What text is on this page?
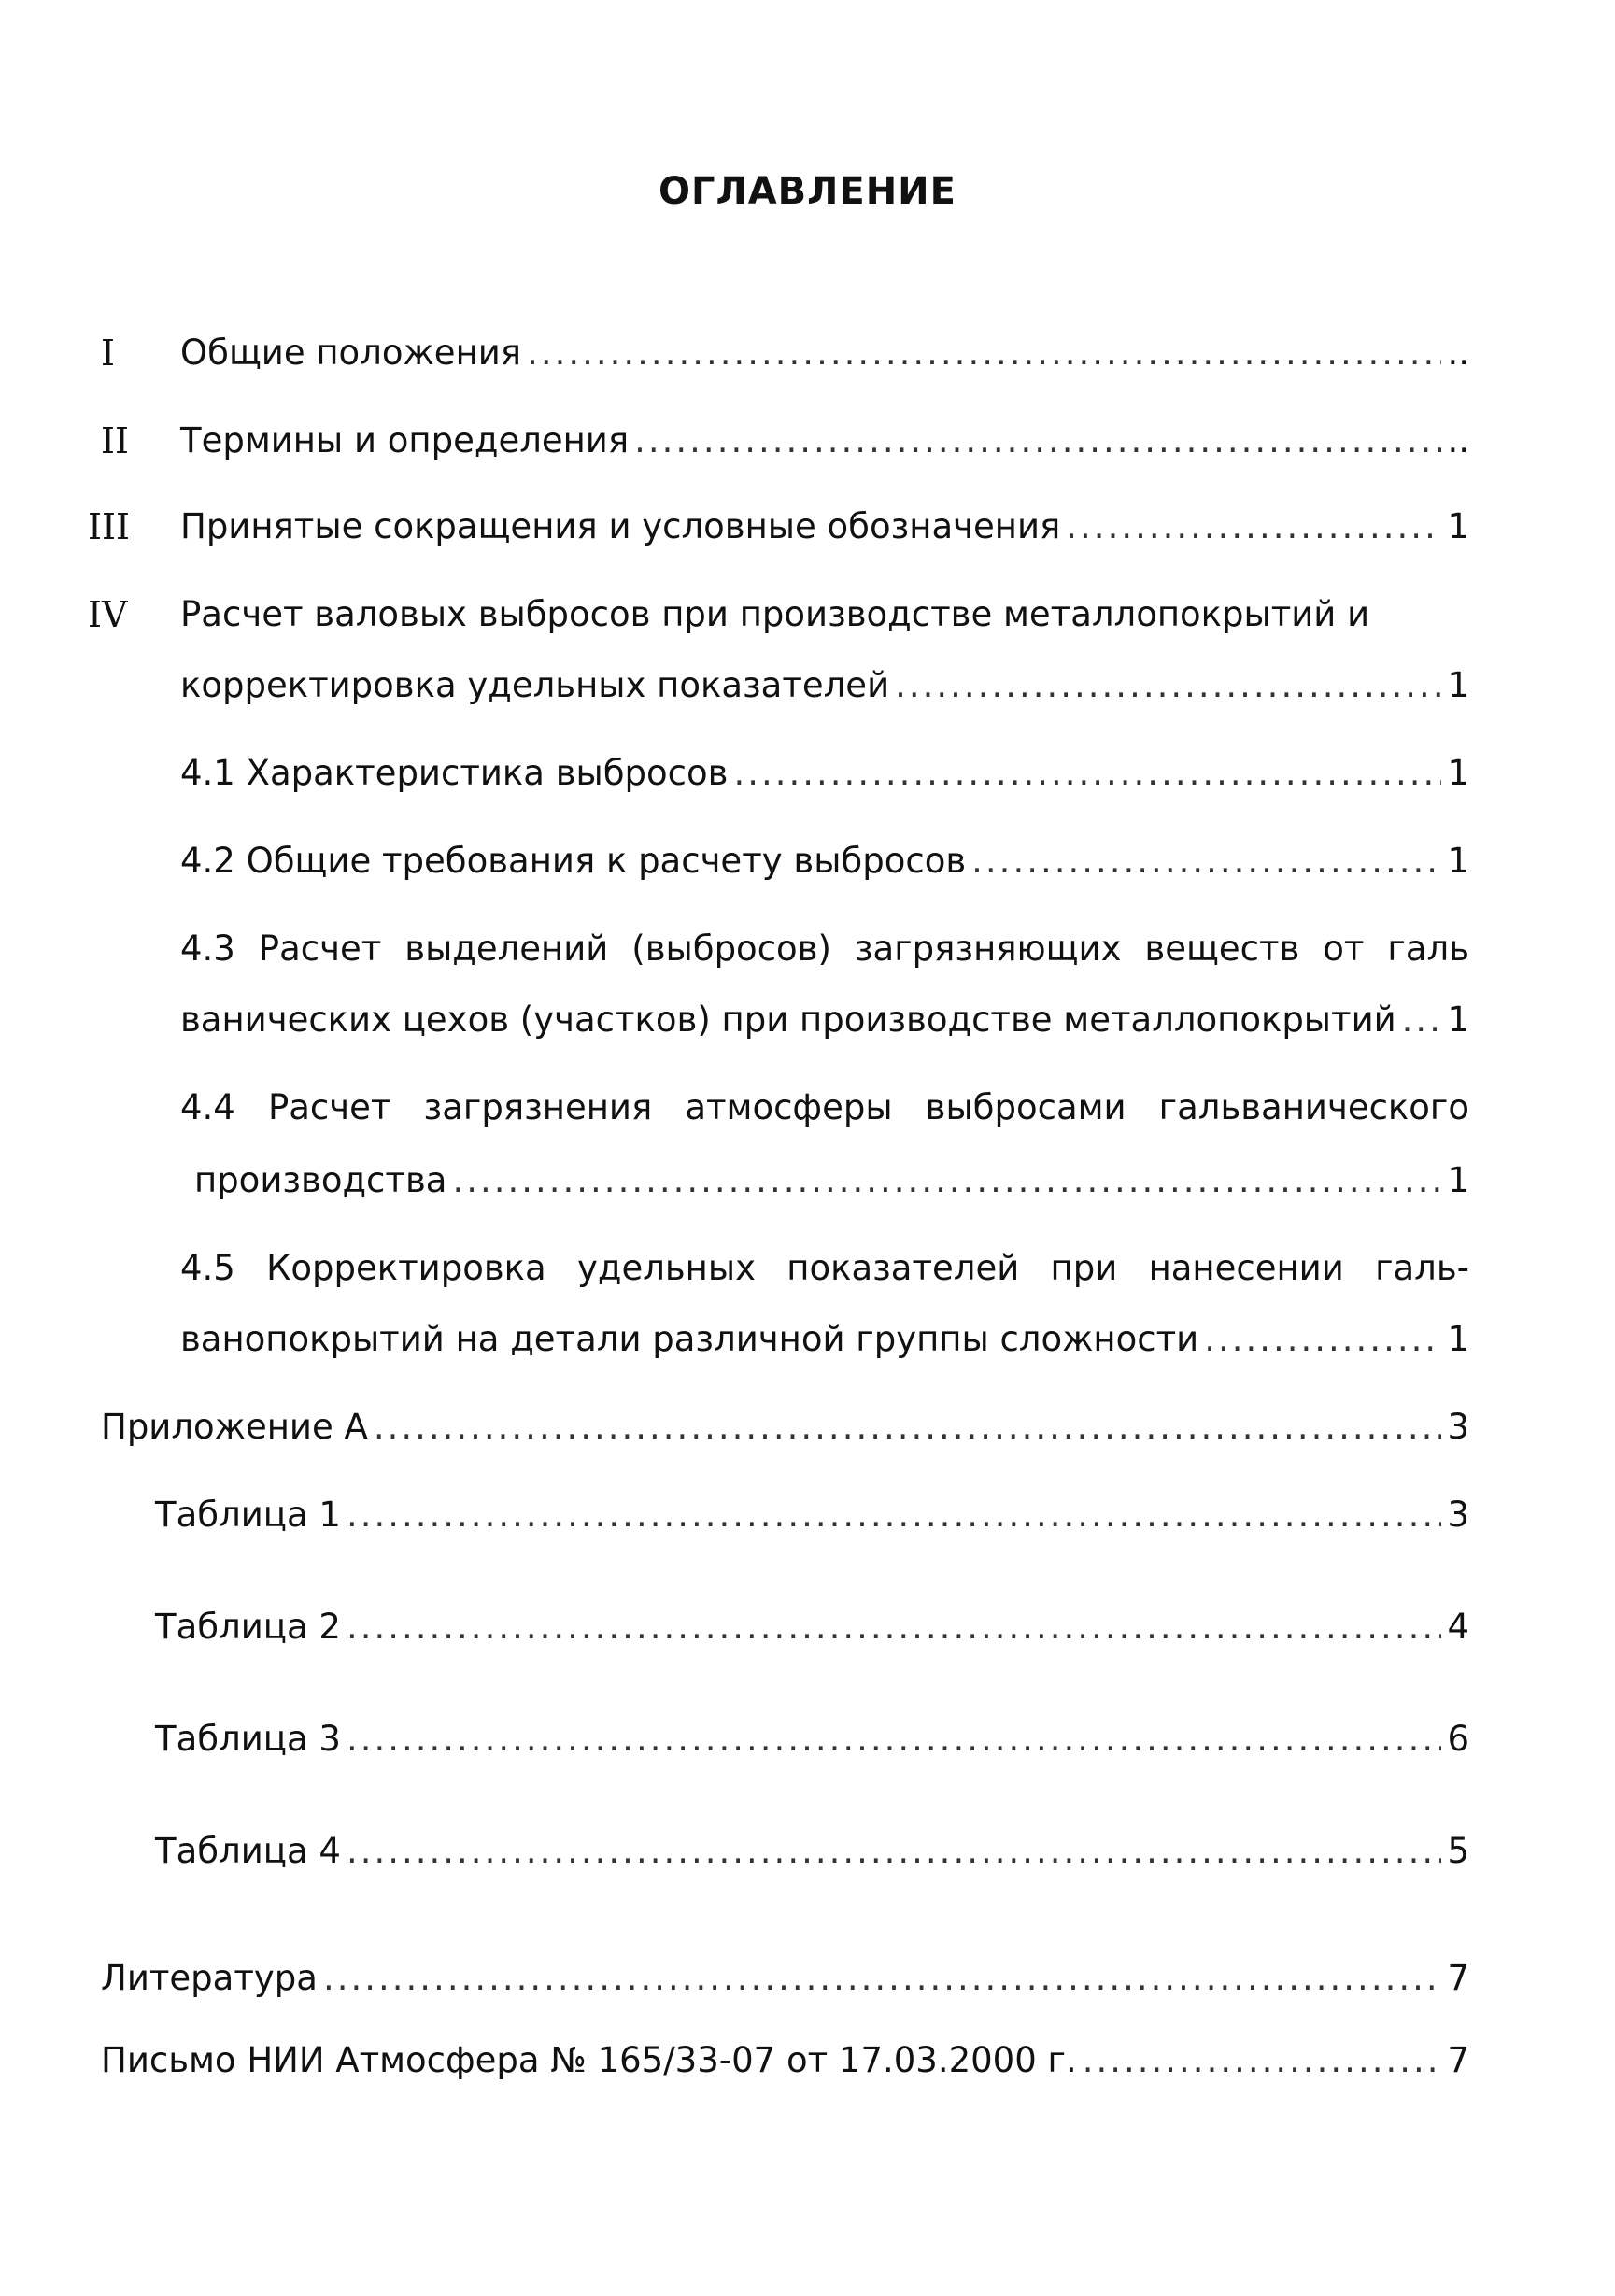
ОГЛАВЛЕНИЕ
I Общие положения .....	..
II Термины и определения .....	..
III Принятые сокращения и условные обозначения .....	1
IV Расчет валовых выбросов при производстве металлопокрытий и
корректировка удельных показателей .....	1
4.1 Характеристика выбросов .....	1
4.2 Общие требования к расчету выбросов .....	1
4.3 Расчет выделений (выбросов) загрязняющих веществ от галь
ванических цехов (участков) при производстве металлопокрытий ..... 1
4.4 Расчет загрязнения атмосферы выбросами гальванического
производства .....	1
4.5 Корректировка удельных показателей при нанесении галь-
ванопокрытий на детали различной группы сложности .....	1
Приложение А .....	3
Таблица 1 .....	3
Таблица 2 .....	4
Таблица 3 .....	6
Таблица 4 .....	5
Литература .....	7
Письмо НИИ Атмосфера № 165/33-07 от 17.03.2000 г. .....	7
